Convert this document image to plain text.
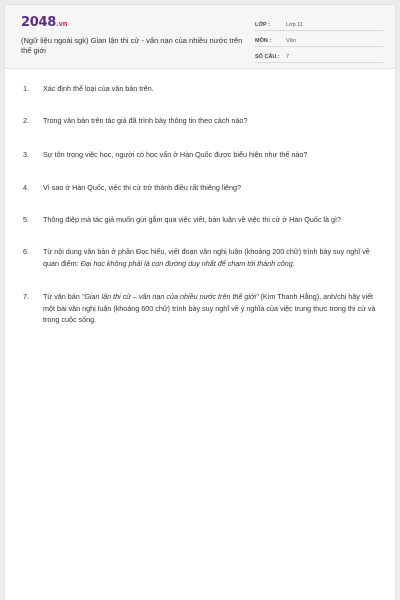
2048.vn
(Ngữ liệu ngoài sgk) Gian lận thi cử - vấn nạn của nhiều nước trên thế giới
LỚP :	Lớp 11
MÔN :	Văn
SỐ CÂU : 7
1. Xác định thể loại của văn bản trên.
2. Trong văn bản trên tác giả đã trình bày thông tin theo cách nào?
3. Sự tôn trọng việc học, người có học vấn ở Hàn Quốc được biểu hiện như thế nào?
4. Vì sao ở Hàn Quốc, việc thi cử trở thành điều rất thiêng liêng?
5. Thông điệp mà tác giả muốn gửi gắm qua việc viết, bàn luận về việc thi cử ở Hàn Quốc là gì?
6. Từ nội dung văn bản ở phần Đọc hiểu, viết đoạn văn nghị luận (khoảng 200 chữ) trình bày suy nghĩ về quan điểm: Đại học không phải là con đường duy nhất để chạm tới thành công.
7. Từ văn bản "Gian lận thi cử – vấn nạn của nhiều nước trên thế giới" (Kim Thanh Hằng), anh/chị hãy viết một bài văn nghị luận (khoảng 600 chữ) trình bày suy nghĩ về ý nghĩa của việc trung thực trong thi cử và trong cuộc sống.
